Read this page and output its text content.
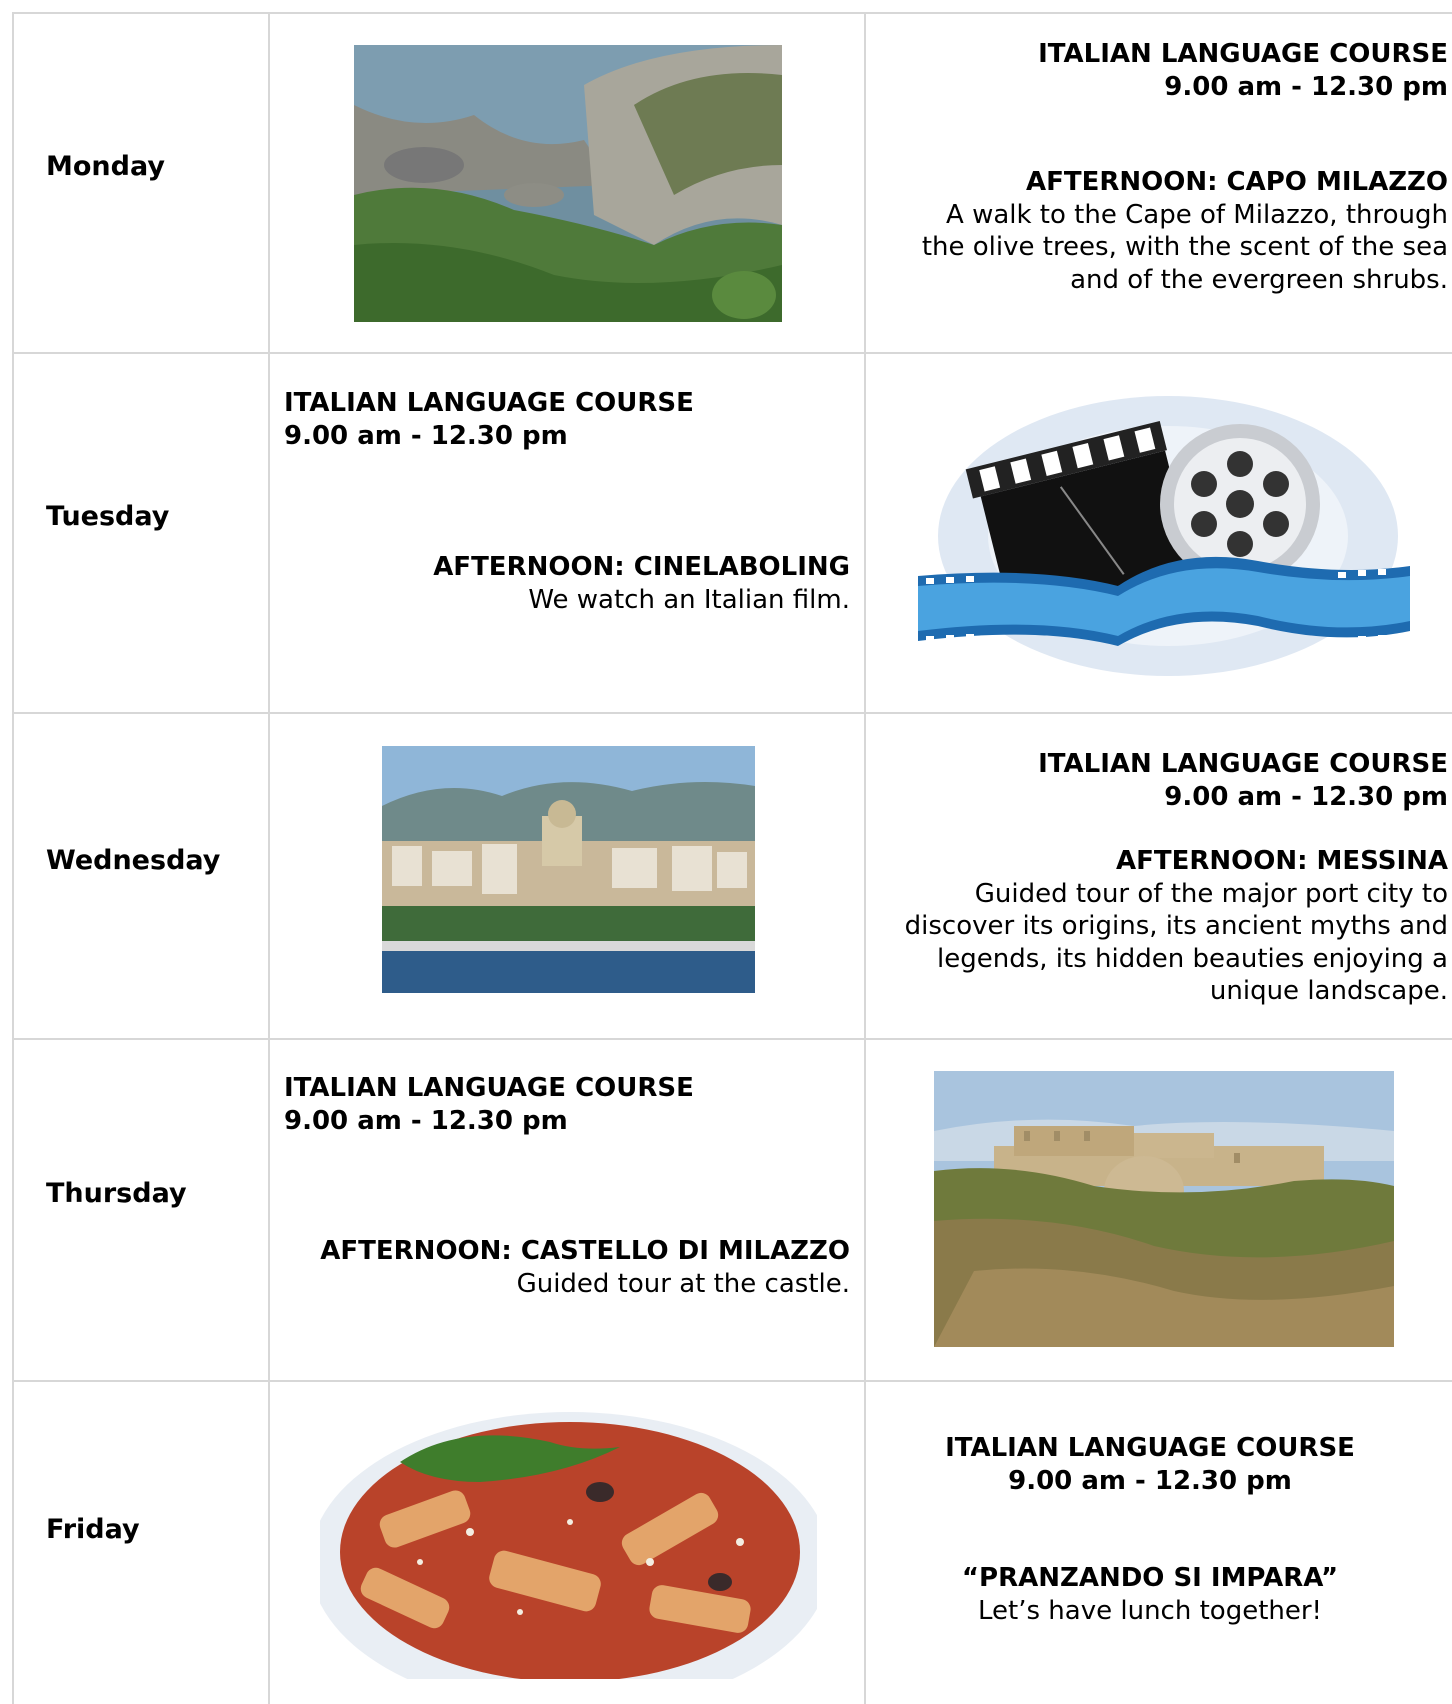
Monday
ITALIAN LANGUAGE COURSE
9.00 am - 12.30 pm
AFTERNOON: CAPO MILAZZO
A walk to the Cape of Milazzo, through
the olive trees, with the scent of the sea
and of the evergreen shrubs.
Tuesday
ITALIAN LANGUAGE COURSE
9.00 am - 12.30 pm
AFTERNOON: CINELABOLING
We watch an Italian film.
Wednesday
ITALIAN LANGUAGE COURSE
9.00 am - 12.30 pm
AFTERNOON: MESSINA
Guided tour of the major port city to
discover its origins, its ancient myths and
legends, its hidden beauties enjoying a
unique landscape.
Thursday
ITALIAN LANGUAGE COURSE
9.00 am - 12.30 pm
AFTERNOON: CASTELLO DI MILAZZO
Guided tour at the castle.
Friday
ITALIAN LANGUAGE COURSE
9.00 am - 12.30 pm
“PRANZANDO SI IMPARA”
Let’s have lunch together!
